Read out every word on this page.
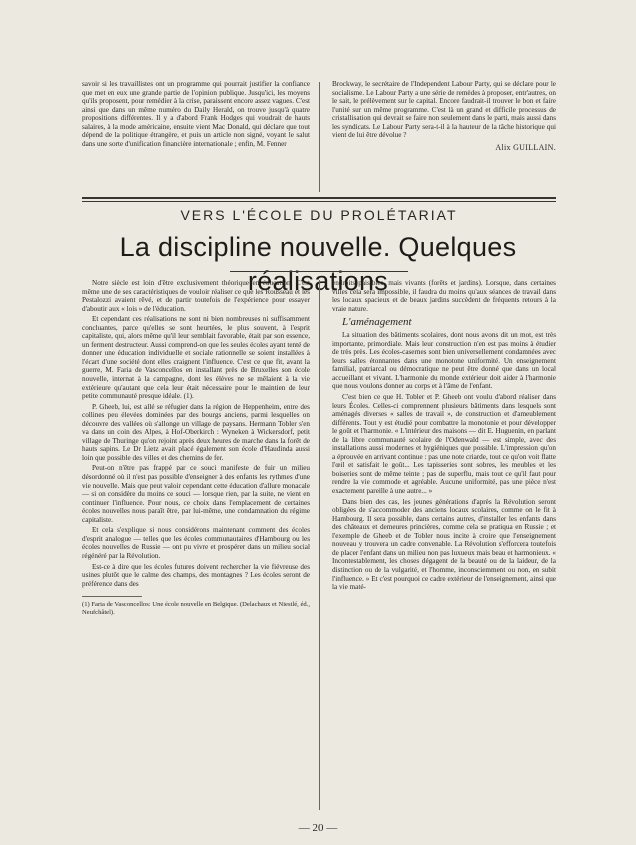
savoir si les travaillistes ont un programme qui pourrait justifier la confiance que met en eux une grande partie de l'opinion publique. Jusqu'ici, les moyens qu'ils proposent, pour remédier à la crise, paraissent encore assez vagues. C'est ainsi que dans un même numéro du Daily Herald, on trouve jusqu'à quatre propositions différentes. Il y a d'abord Frank Hodges qui voudrait de hauts salaires, à la mode américaine, ensuite vient Mac Donald, qui déclare que tout dépend de la politique étrangère, et puis un article non signé, voyant le salut dans une sorte d'unification financière internationale ; enfin, M. Fenner

Brockway, le secrétaire de l'Independent Labour Party, qui se déclare pour le socialisme. Le Labour Party a une série de remèdes à proposer, entr'autres, on le sait, le prélèvement sur le capital. Encore faudrait-il trouver le bon et faire l'unité sur un même programme. C'est là un grand et difficile processus de cristallisation qui devrait se faire non seulement dans le parti, mais aussi dans les syndicats. Le Labour Party sera-t-il à la hauteur de la tâche historique qui vient de lui être dévolue ?

Alix GUILLAIN.
VERS L'ÉCOLE DU PROLÉTARIAT
La discipline nouvelle. Quelques réalisations

Notre siècle est loin d'être exclusivement théorique en éducation. C'est même une de ses caractéristiques de vouloir réaliser ce que les Rousseau et les Pestalozzi avaient rêvé, et de partir toutefois de l'expérience pour essayer d'aboutir aux « lois » de l'éducation.

Et cependant ces réalisations ne sont ni bien nombreuses ni suffisamment concluantes, parce qu'elles se sont heurtées, le plus souvent, à l'esprit capitaliste, qui, alors même qu'il leur semblait favorable, était par son essence, un ferment destructeur. Aussi comprend-on que les seules écoles ayant tenté de donner une éducation individuelle et sociale rationnelle se soient installées à l'écart d'une société dont elles craignent l'influence. C'est ce que fit, avant la guerre, M. Faria de Vasconcellos en installant près de Bruxelles son école nouvelle, internat à la campagne, dont les élèves ne se mêlaient à la vie extérieure qu'autant que cela leur était nécessaire pour le maintien de leur petite communauté presque idéale. (1).

P. Gheeb, lui, est allé se réfugier dans la région de Heppenheim, entre des collines peu élevées dominées par des bourgs anciens, parmi lesquelles on découvre des vallées où s'allonge un village de paysans. Hermann Tobler s'en va dans un coin des Alpes, à Hof-Oberkirch : Wyneken à Wickersdorf, petit village de Thuringe qu'on rejoint après deux heures de marche dans la forêt de hauts sapins. Le Dr Lietz avait placé également son école d'Haudinda aussi loin que possible des villes et des chemins de fer.

Peut-on n'être pas frappé par ce souci manifeste de fuir un milieu désordonné où il n'est pas possible d'enseigner à des enfants les rythmes d'une vie nouvelle. Mais que peut valoir cependant cette éducation d'allure monacale — si on considère du moins ce souci — lorsque rien, par la suite, ne vient en continuer l'influence. Pour nous, ce choix dans l'emplacement de certaines écoles nouvelles nous paraît être, par lui-même, une condamnation du régime capitaliste.

Et cela s'explique si nous considérons maintenant comment des écoles d'esprit analogue — telles que les écoles communautaires d'Hambourg ou les écoles nouvelles de Russie — ont pu vivre et prospérer dans un milieu social régénéré par la Révolution.

Est-ce à dire que les écoles futures doivent rechercher la vie fiévreuse des usines plutôt que le calme des champs, des montagnes ? Les écoles seront de préférence dans des

(1) Faria de Vasconcellos: Une école nouvelle en Belgique. (Delachaux et Niestlé, éd., Neufchâtel).

endroits paisibles, mais vivants (forêts et jardins). Lorsque, dans certaines villes cela sera impossible, il faudra du moins qu'aux séances de travail dans les locaux spacieux et de beaux jardins succèdent de fréquents retours à la vraie nature.

L'aménagement

La situation des bâtiments scolaires, dont nous avons dit un mot, est très importante, primordiale. Mais leur construction n'en est pas moins à étudier de très près. Les écoles-casernes sont bien universellement condamnées avec leurs salles étonnantes dans une monotone uniformité. Un enseignement familial, patriarcal ou démocratique ne peut être donné que dans un local accueillant et vivant. L'harmonie du monde extérieur doit aider à l'harmonie que nous voulons donner au corps et à l'âme de l'enfant.

C'est bien ce que H. Tobler et P. Gheeb ont voulu d'abord réaliser dans leurs Écoles. Celles-ci comprennent plusieurs bâtiments dans lesquels sont aménagés diverses « salles de travail », de construction et d'ameublement différents. Tout y est étudié pour combattre la monotonie et pour développer le goût et l'harmonie. « L'intérieur des maisons — dit E. Huguenin, en parlant de la libre communauté scolaire de l'Odenwald — est simple, avec des installations aussi modernes et hygiéniques que possible. L'impression qu'on a éprouvée en arrivant continue : pas une note criarde, tout ce qu'on voit flatte l'œil et satisfait le goût... Les tapisseries sont sobres, les meubles et les boiseries sont de même teinte ; pas de superflu, mais tout ce qu'il faut pour rendre la vie commode et agréable. Aucune uniformité, pas une pièce n'est exactement pareille à une autre... »

Dans bien des cas, les jeunes générations d'après la Révolution seront obligées de s'accommoder des anciens locaux scolaires, comme on le fit à Hambourg. Il sera possible, dans certains autres, d'installer les enfants dans des châteaux et demeures princières, comme cela se pratiqua en Russie ; et l'exemple de Gheeb et de Tobler nous incite à croire que l'enseignement nouveau y trouvera un cadre convenable. La Révolution s'efforcera toutefois de placer l'enfant dans un milieu non pas luxueux mais beau et harmonieux. « Incontestablement, les choses dégagent de la beauté ou de la laideur, de la distinction ou de la vulgarité, et l'homme, inconsciemment ou non, en subit l'influence. » Et c'est pourquoi ce cadre extérieur de l'enseignement, ainsi que la vie maté-

— 20 —
